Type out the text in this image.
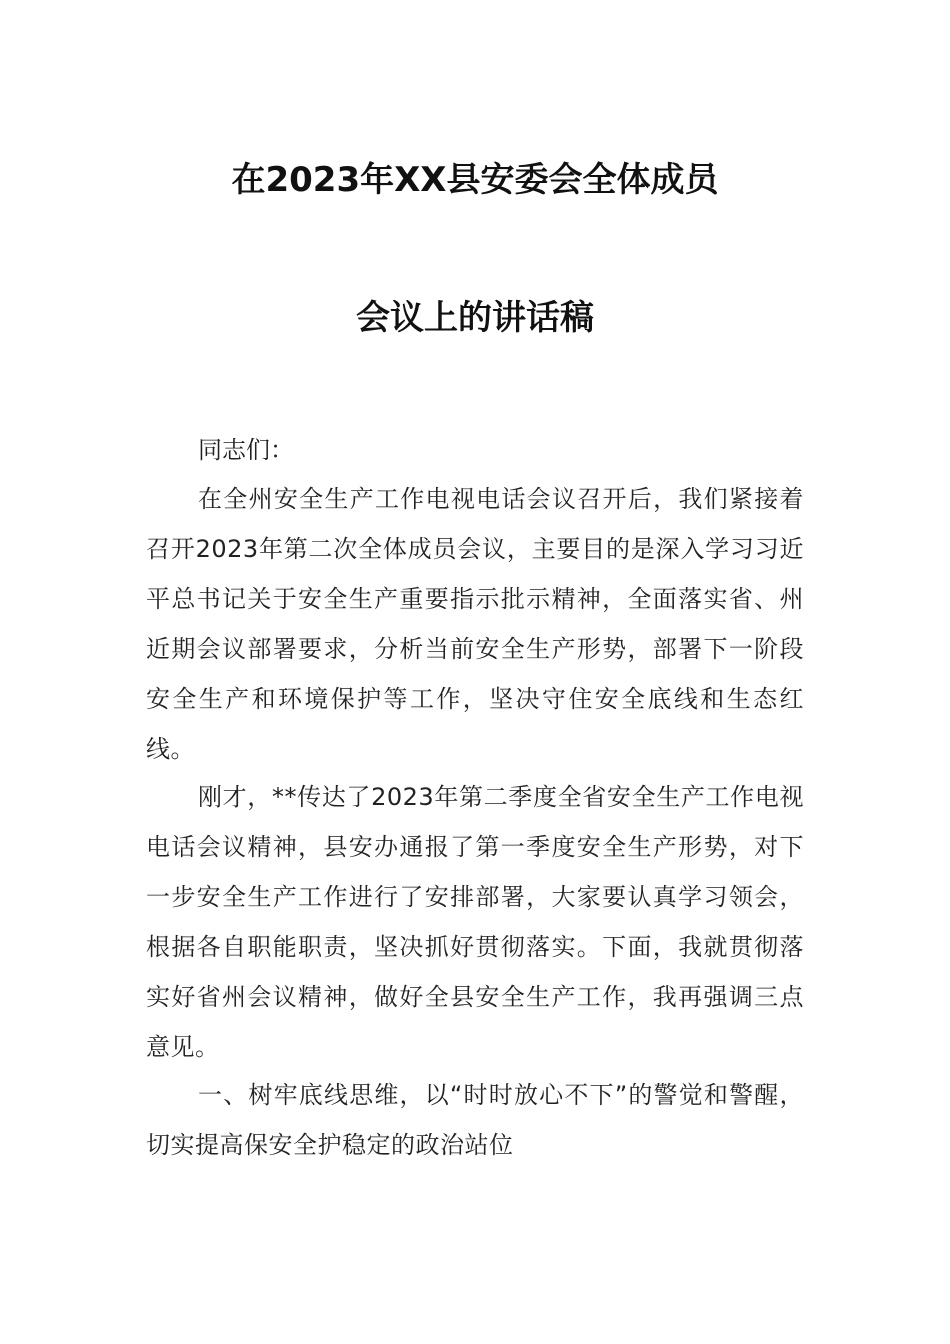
在2023年XX县安委会全体成员
会议上的讲话稿
同志们：

在全州安全生产工作电视电话会议召开后，我们紧接着召开2023年第二次全体成员会议，主要目的是深入学习习近平总书记关于安全生产重要指示批示精神，全面落实省、州近期会议部署要求，分析当前安全生产形势，部署下一阶段安全生产和环境保护等工作，坚决守住安全底线和生态红线。

刚才，**传达了2023年第二季度全省安全生产工作电视电话会议精神，县安办通报了第一季度安全生产形势，对下一步安全生产工作进行了安排部署，大家要认真学习领会，根据各自职能职责，坚决抓好贯彻落实。下面，我就贯彻落实好省州会议精神，做好全县安全生产工作，我再强调三点意见。

一、树牢底线思维，以“时时放心不下”的警觉和警醒，切实提高保安全护稳定的政治站位
